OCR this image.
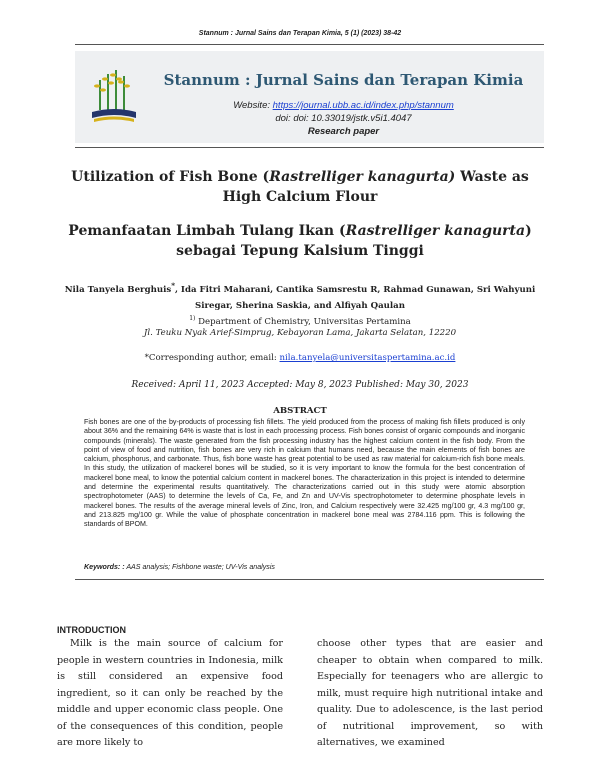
Stannum : Jurnal Sains dan Terapan Kimia, 5 (1) (2023) 38-42
Stannum : Jurnal Sains dan Terapan Kimia
Website: https://journal.ubb.ac.id/index.php/stannum
doi: doi: 10.33019/jstk.v5i1.4047
Research paper
Utilization of Fish Bone (Rastrelliger kanagurta) Waste as High Calcium Flour
Pemanfaatan Limbah Tulang Ikan (Rastrelliger kanagurta) sebagai Tepung Kalsium Tinggi
Nila Tanyela Berghuis*, Ida Fitri Maharani, Cantika Samsrestu R, Rahmad Gunawan, Sri Wahyuni Siregar, Sherina Saskia, and Alfiyah Qaulan
$^{1)}$ Department of Chemistry, Universitas Pertamina
Jl. Teuku Nyak Arief-Simprug, Kebayoran Lama, Jakarta Selatan, 12220
*Corresponding author, email: nila.tanyela@universitaspertamina.ac.id
Received: April 11, 2023 Accepted: May 8, 2023 Published: May 30, 2023
ABSTRACT

Fish bones are one of the by-products of processing fish fillets. The yield produced from the process of making fish fillets produced is only about 36% and the remaining 64% is waste that is lost in each processing process. Fish bones consist of organic compounds and inorganic compounds (minerals). The waste generated from the fish processing industry has the highest calcium content in the fish body. From the point of view of food and nutrition, fish bones are very rich in calcium that humans need, because the main elements of fish bones are calcium, phosphorus, and carbonate. Thus, fish bone waste has great potential to be used as raw material for calcium-rich fish bone meals. In this study, the utilization of mackerel bones will be studied, so it is very important to know the formula for the best concentration of mackerel bone meal, to know the potential calcium content in mackerel bones. The characterization in this project is intended to determine and determine the experimental results quantitatively. The characterizations carried out in this study were atomic absorption spectrophotometer (AAS) to determine the levels of Ca, Fe, and Zn and UV-Vis spectrophotometer to determine phosphate levels in mackerel bones. The results of the average mineral levels of Zinc, Iron, and Calcium respectively were 32.425 mg/100 gr, 4.3 mg/100 gr, and 213.825 mg/100 gr. While the value of phosphate concentration in mackerel bone meal was 2784.116 ppm. This is following the standards of BPOM.

Keywords: : AAS analysis; Fishbone waste; UV-Vis analysis
INTRODUCTION

Milk is the main source of calcium for people in western countries in Indonesia, milk is still considered an expensive food ingredient, so it can only be reached by the middle and upper economic class people. One of the consequences of this condition, people are more likely to

choose other types that are easier and cheaper to obtain when compared to milk. Especially for teenagers who are allergic to milk, must require high nutritional intake and quality. Due to adolescence, is the last period of nutritional improvement, so with alternatives, we examined
